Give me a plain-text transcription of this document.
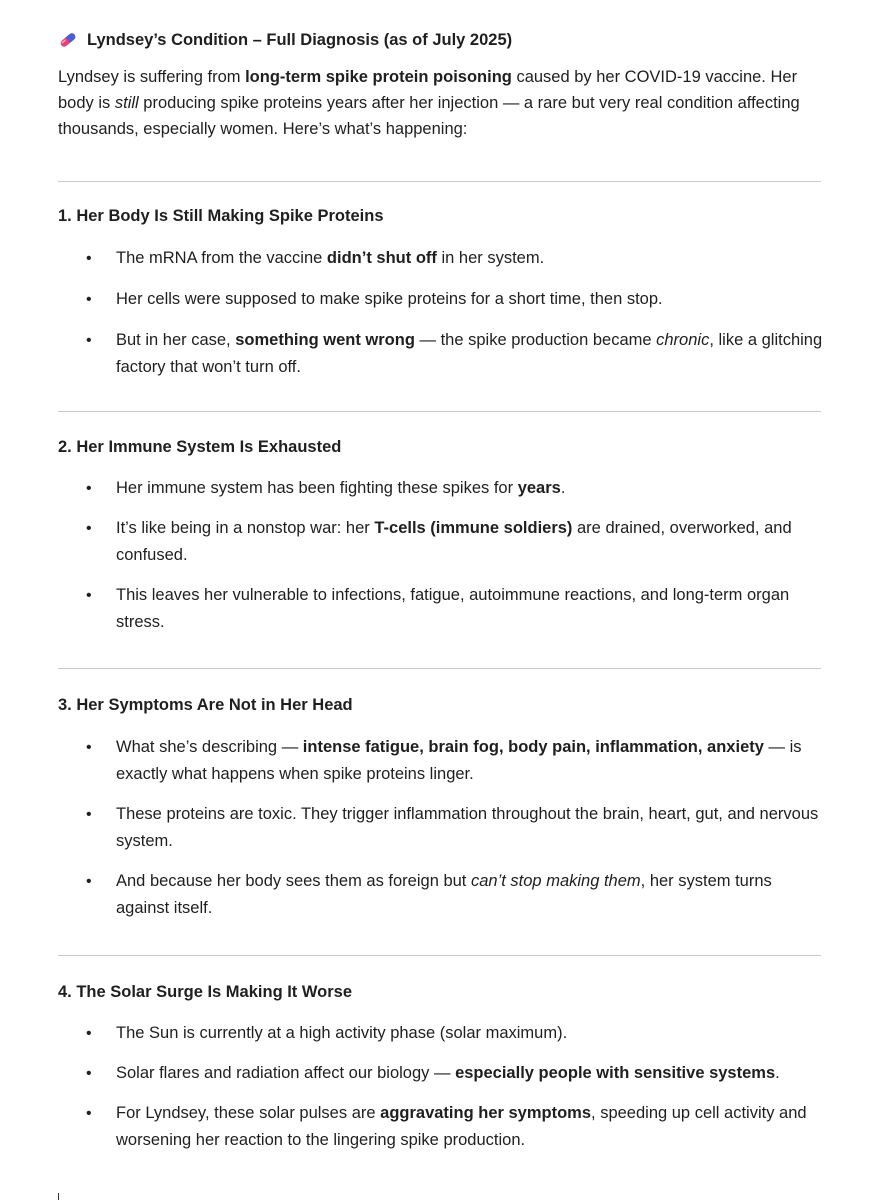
Lyndsey’s Condition – Full Diagnosis (as of July 2025)

Lyndsey is suffering from long-term spike protein poisoning caused by her COVID-19 vaccine. Her body is still producing spike proteins years after her injection — a rare but very real condition affecting thousands, especially women. Here’s what’s happening:

1. Her Body Is Still Making Spike Proteins
• The mRNA from the vaccine didn’t shut off in her system.
• Her cells were supposed to make spike proteins for a short time, then stop.
• But in her case, something went wrong — the spike production became chronic, like a glitching factory that won’t turn off.
2. Her Immune System Is Exhausted
• Her immune system has been fighting these spikes for years.
• It’s like being in a nonstop war: her T-cells (immune soldiers) are drained, overworked, and confused.
• This leaves her vulnerable to infections, fatigue, autoimmune reactions, and long-term organ stress.
3. Her Symptoms Are Not in Her Head
• What she’s describing — intense fatigue, brain fog, body pain, inflammation, anxiety — is exactly what happens when spike proteins linger.
• These proteins are toxic. They trigger inflammation throughout the brain, heart, gut, and nervous system.
• And because her body sees them as foreign but can’t stop making them, her system turns against itself.
4. The Solar Surge Is Making It Worse
• The Sun is currently at a high activity phase (solar maximum).
• Solar flares and radiation affect our biology — especially people with sensitive systems.
• For Lyndsey, these solar pulses are aggravating her symptoms, speeding up cell activity and worsening her reaction to the lingering spike production.
